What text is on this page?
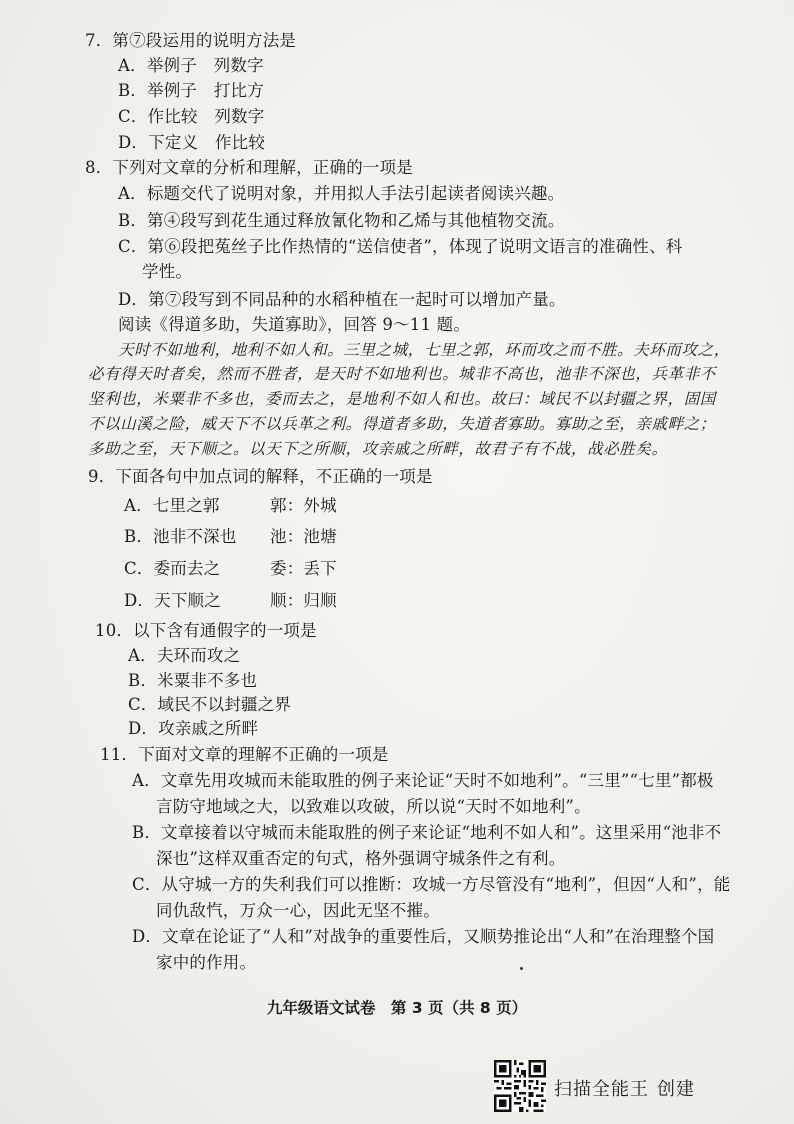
7．第⑦段运用的说明方法是
A．举例子　列数字
B．举例子　打比方
C．作比较　列数字
D．下定义　作比较
8．下列对文章的分析和理解，正确的一项是
A．标题交代了说明对象，并用拟人手法引起读者阅读兴趣。
B．第④段写到花生通过释放氰化物和乙烯与其他植物交流。
C．第⑥段把菟丝子比作热情的“送信使者”，体现了说明文语言的准确性、科
学性。
D．第⑦段写到不同品种的水稻种植在一起时可以增加产量。
阅读《得道多助，失道寡助》，回答 9～11 题。
天时不如地利，地利不如人和。三里之城，七里之郭，环而攻之而不胜。夫环而攻之，
必有得天时者矣，然而不胜者，是天时不如地利也。城非不高也，池非不深也，兵革非不
坚利也，米粟非不多也，委而去之，是地利不如人和也。故曰：域民不以封疆之界，固国
不以山溪之险，威天下不以兵革之利。得道者多助，失道者寡助。寡助之至，亲戚畔之；
多助之至，天下顺之。以天下之所顺，攻亲戚之所畔，故君子有不战，战必胜矣。
9．下面各句中加点词的解释，不正确的一项是
A．七里之郭	郭：外城
B．池非不深也 池：池塘
C．委而去之	委：丢下
D．天下顺之	顺：归顺
10．以下含有通假字的一项是
A．夫环而攻之
B．米粟非不多也
C．域民不以封疆之界
D．攻亲戚之所畔
11．下面对文章的理解不正确的一项是
A．文章先用攻城而未能取胜的例子来论证“天时不如地利”。“三里”“七里”都极
言防守地域之大，以致难以攻破，所以说“天时不如地利”。
B．文章接着以守城而未能取胜的例子来论证“地利不如人和”。这里采用“池非不
深也”这样双重否定的句式，格外强调守城条件之有利。
C．从守城一方的失利我们可以推断：攻城一方尽管没有“地利”，但因“人和”，能
同仇敌忾，万众一心，因此无坚不摧。
D．文章在论证了“人和”对战争的重要性后，又顺势推论出“人和”在治理整个国
家中的作用。
九年级语文试卷　第 3 页（共 8 页）
扫描全能王 创建
